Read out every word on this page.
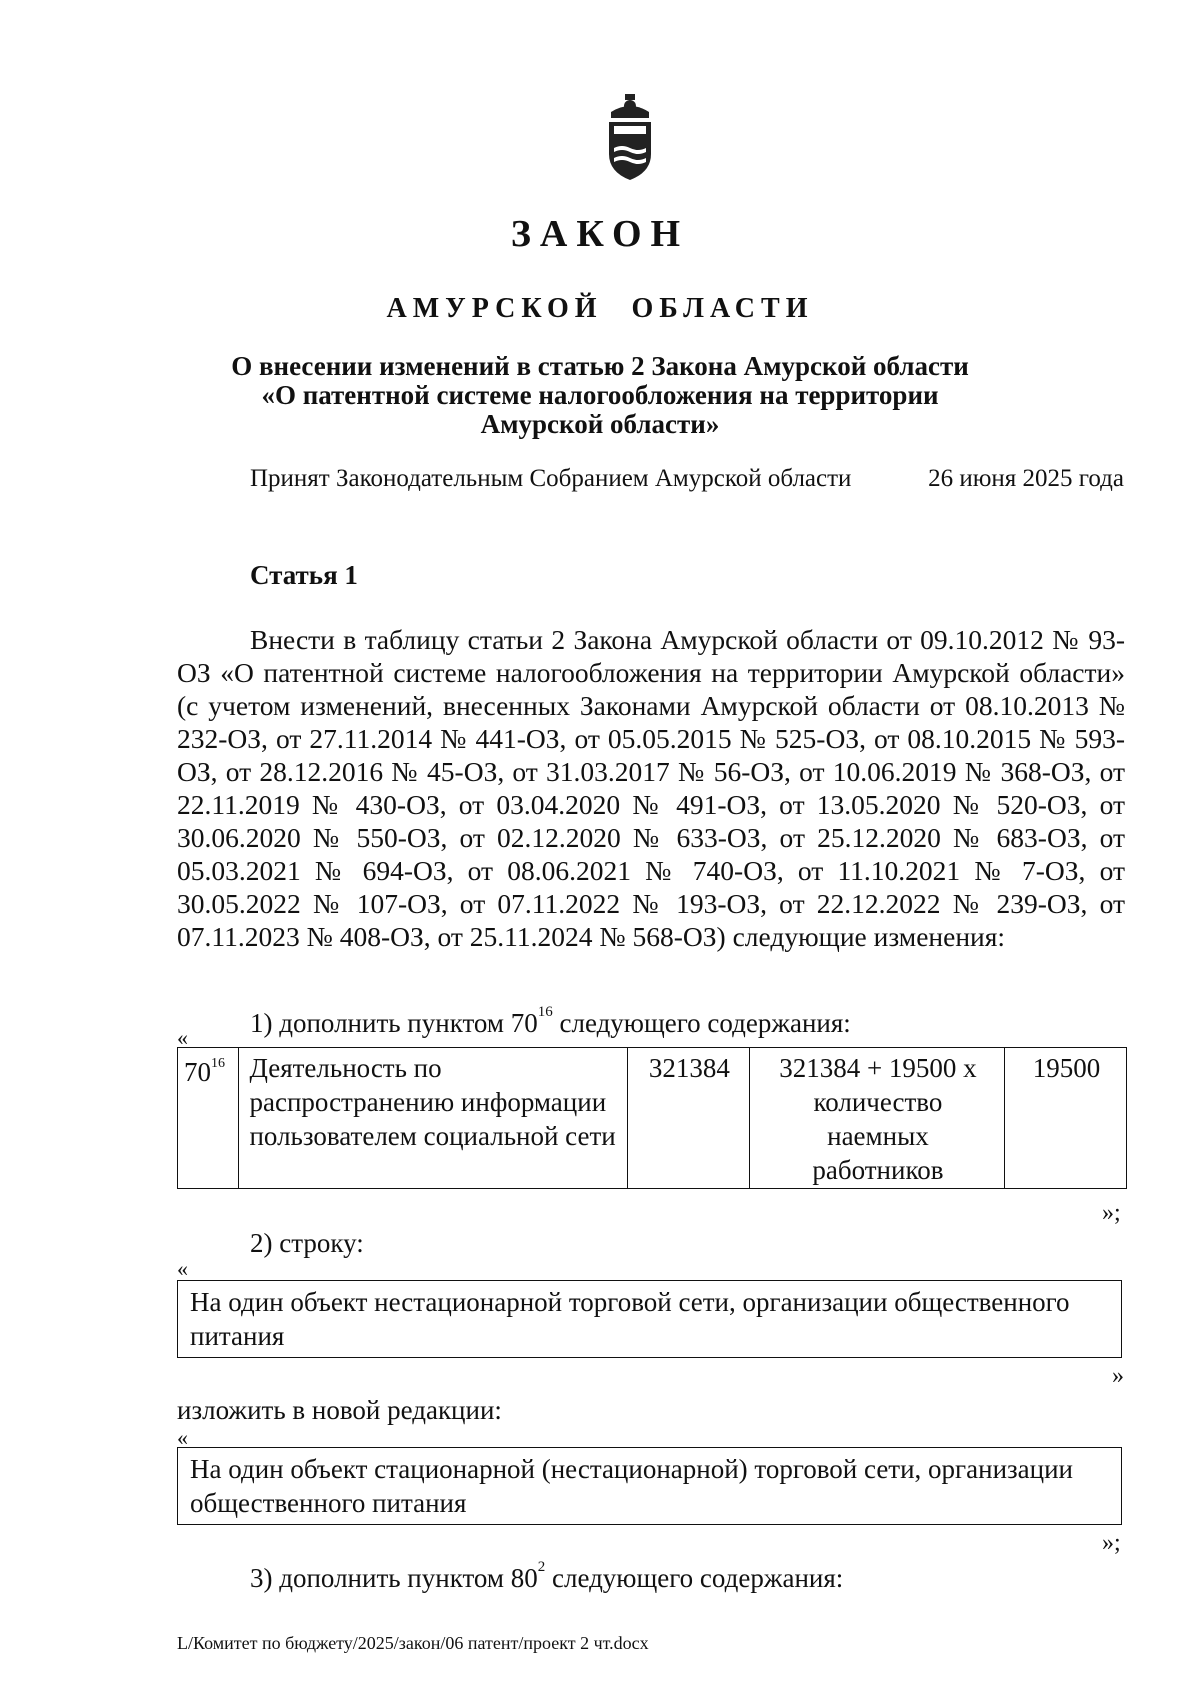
ЗАКОН
АМУРСКОЙ ОБЛАСТИ
О внесении изменений в статью 2 Закона Амурской области
«О патентной системе налогообложения на территории
Амурской области»
Принят Законодательным Собранием Амурской области	26 июня 2025 года
Статья 1
Внести в таблицу статьи 2 Закона Амурской области от 09.10.2012 № 93-ОЗ «О патентной системе налогообложения на территории Амурской области» (с учетом изменений, внесенных Законами Амурской области от 08.10.2013 № 232-ОЗ, от 27.11.2014 № 441-ОЗ, от 05.05.2015 № 525-ОЗ, от 08.10.2015 № 593-ОЗ, от 28.12.2016 № 45-ОЗ, от 31.03.2017 № 56-ОЗ, от 10.06.2019 № 368-ОЗ, от 22.11.2019 № 430-ОЗ, от 03.04.2020 № 491-ОЗ, от 13.05.2020 № 520-ОЗ, от 30.06.2020 № 550-ОЗ, от 02.12.2020 № 633-ОЗ, от 25.12.2020 № 683-ОЗ, от 05.03.2021 № 694-ОЗ, от 08.06.2021 № 740-ОЗ, от 11.10.2021 № 7-ОЗ, от 30.05.2022 № 107-ОЗ, от 07.11.2022 № 193-ОЗ, от 22.12.2022 № 239-ОЗ, от 07.11.2023 № 408-ОЗ, от 25.11.2024 № 568-ОЗ) следующие изменения:
1) дополнить пунктом $70^{16}$ следующего содержания:
«
$70^{16}$	Деятельность по распространению информации пользователем социальной сети	321384	321384 + 19500 х количество наемных работников	19500
»;
2) строку:
«
На один объект нестационарной торговой сети, организации общественного питания
»
изложить в новой редакции:
«
На один объект стационарной (нестационарной) торговой сети, организации общественного питания
»;
3) дополнить пунктом $80^2$ следующего содержания:
L/Комитет по бюджету/2025/закон/06 патент/проект 2 чт.docx
